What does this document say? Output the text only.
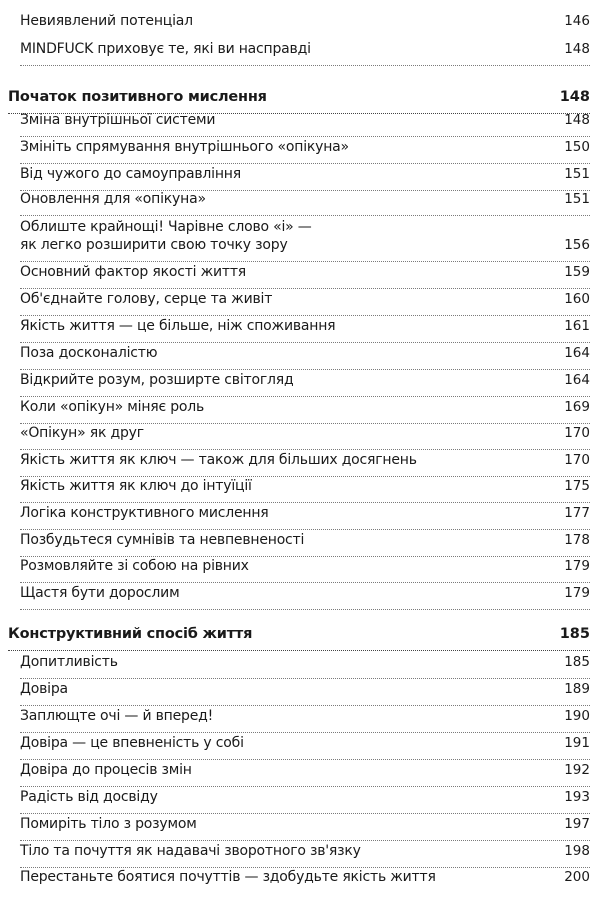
Невиявлений потенціал	146
MINDFUCK приховує те, які ви насправді	148
Початок позитивного мислення	148
Зміна внутрішньої системи	148
Змініть спрямування внутрішнього «опікуна»	150
Від чужого до самоуправління	151
Оновлення для «опікуна»	151
Облиште крайнощі! Чарівне слово «і» —
як легко розширити свою точку зору	156
Основний фактор якості життя	159
Об'єднайте голову, серце та живіт	160
Якість життя — це більше, ніж споживання	161
Поза досконалістю	164
Відкрийте розум, розширте світогляд	164
Коли «опікун» міняє роль	169
«Опікун» як друг	170
Якість життя як ключ — також для більших досягнень	170
Якість життя як ключ до інтуїції	175
Логіка конструктивного мислення	177
Позбудьтеся сумнівів та невпевненості	178
Розмовляйте зі собою на рівних	179
Щастя бути дорослим	179
Конструктивний спосіб життя	185
Допитливість	185
Довіра	189
Заплющте очі — й вперед!	190
Довіра — це впевненість у собі	191
Довіра до процесів змін	192
Радість від досвіду	193
Помиріть тіло з розумом	197
Тіло та почуття як надавачі зворотного зв'язку	198
Перестаньте боятися почуттів — здобудьте якість життя	200
